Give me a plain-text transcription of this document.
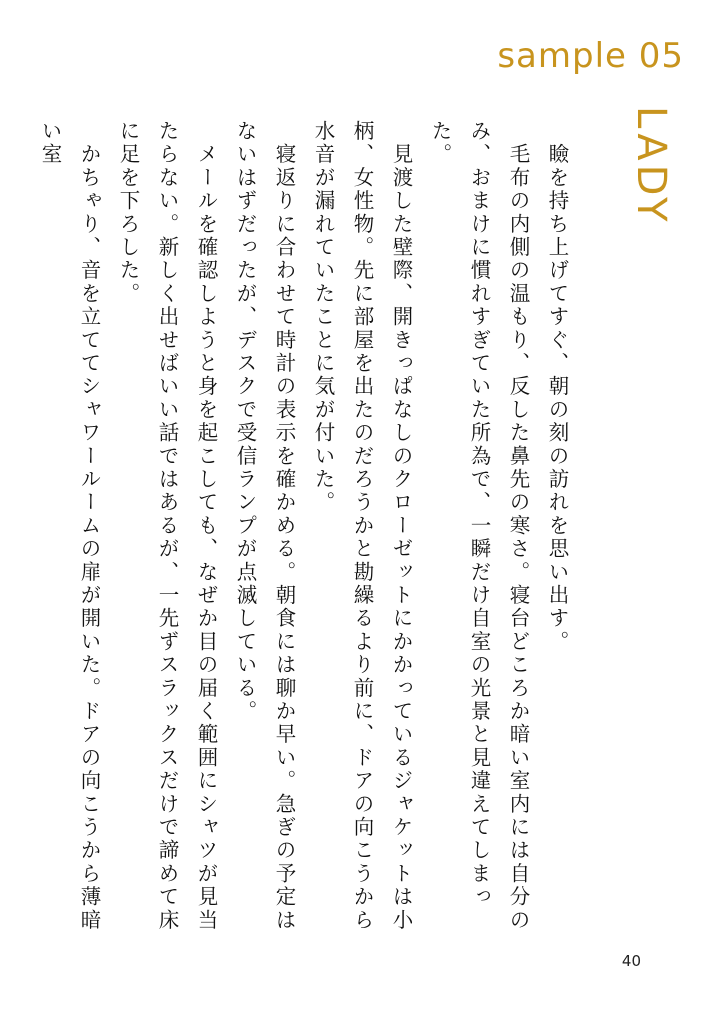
sample 05
LADY

　瞼を持ち上げてすぐ、朝の刻の訪れを思い出す。

　毛布の内側の温もり、反した鼻先の寒さ。寝台どころか暗い室内には自分のみ、おまけに慣れすぎていた所為で、一瞬だけ自室の光景と見違えてしまった。

　見渡した壁際、開きっぱなしのクローゼットにかかっているジャケットは小柄、女性物。先に部屋を出たのだろうかと勘繰るより前に、ドアの向こうから水音が漏れていたことに気が付いた。

　寝返りに合わせて時計の表示を確かめる。朝食には聊か早い。急ぎの予定はないはずだったが、デスクで受信ランプが点滅している。

　メールを確認しようと身を起こしても、なぜか目の届く範囲にシャツが見当たらない。新しく出せばいい話ではあるが、一先ずスラックスだけで諦めて床に足を下ろした。

　かちゃり、音を立ててシャワールームの扉が開いた。ドアの向こうから薄暗い室

40
